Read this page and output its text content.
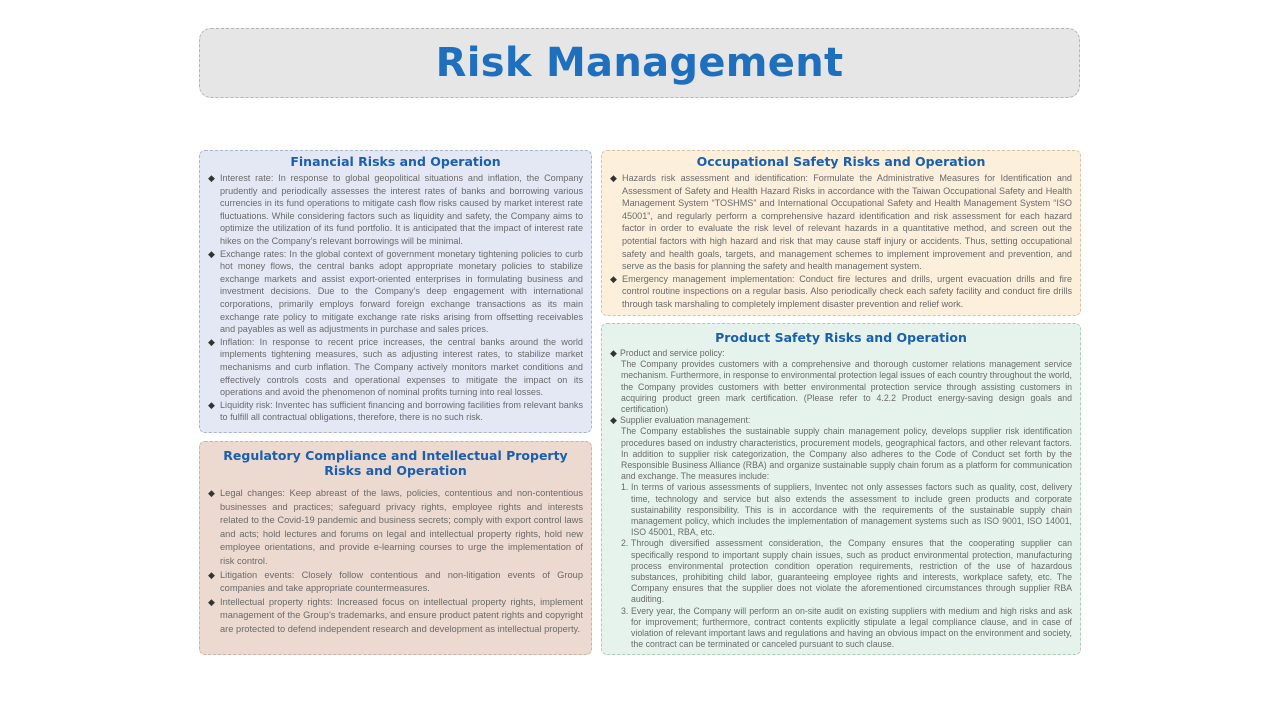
Risk Management
Financial Risks and Operation
◆ Interest rate: In response to global geopolitical situations and inflation, the Company prudently and periodically assesses the interest rates of banks and borrowing various currencies in its fund operations to mitigate cash flow risks caused by market interest rate fluctuations. While considering factors such as liquidity and safety, the Company aims to optimize the utilization of its fund portfolio. It is anticipated that the impact of interest rate hikes on the Company’s relevant borrowings will be minimal.
◆ Exchange rates: In the global context of government monetary tightening policies to curb hot money flows, the central banks adopt appropriate monetary policies to stabilize exchange markets and assist export-oriented enterprises in formulating business and investment decisions. Due to the Company’s deep engagement with international corporations, primarily employs forward foreign exchange transactions as its main exchange rate policy to mitigate exchange rate risks arising from offsetting receivables and payables as well as adjustments in purchase and sales prices.
◆ Inflation: In response to recent price increases, the central banks around the world implements tightening measures, such as adjusting interest rates, to stabilize market mechanisms and curb inflation. The Company actively monitors market conditions and effectively controls costs and operational expenses to mitigate the impact on its operations and avoid the phenomenon of nominal profits turning into real losses.
◆ Liquidity risk: Inventec has sufficient financing and borrowing facilities from relevant banks to fulfill all contractual obligations, therefore, there is no such risk.
Regulatory Compliance and Intellectual Property Risks and Operation
◆ Legal changes: Keep abreast of the laws, policies, contentious and non-contentious businesses and practices; safeguard privacy rights, employee rights and interests related to the Covid-19 pandemic and business secrets; comply with export control laws and acts; hold lectures and forums on legal and intellectual property rights, hold new employee orientations, and provide e-learning courses to urge the implementation of risk control.
◆ Litigation events: Closely follow contentious and non-litigation events of Group companies and take appropriate countermeasures.
◆ Intellectual property rights: Increased focus on intellectual property rights, implement management of the Group’s trademarks, and ensure product patent rights and copyright are protected to defend independent research and development as intellectual property.
Occupational Safety Risks and Operation
◆ Hazards risk assessment and identification: Formulate the Administrative Measures for Identification and Assessment of Safety and Health Hazard Risks in accordance with the Taiwan Occupational Safety and Health Management System “TOSHMS” and International Occupational Safety and Health Management System “ISO 45001”, and regularly perform a comprehensive hazard identification and risk assessment for each hazard factor in order to evaluate the risk level of relevant hazards in a quantitative method, and screen out the potential factors with high hazard and risk that may cause staff injury or accidents. Thus, setting occupational safety and health goals, targets, and management schemes to implement improvement and prevention, and serve as the basis for planning the safety and health management system.
◆ Emergency management implementation: Conduct fire lectures and drills, urgent evacuation drills and fire control routine inspections on a regular basis. Also periodically check each safety facility and conduct fire drills through task marshaling to completely implement disaster prevention and relief work.
Product Safety Risks and Operation
◆ Product and service policy:
The Company provides customers with a comprehensive and thorough customer relations management service mechanism. Furthermore, in response to environmental protection legal issues of each country throughout the world, the Company provides customers with better environmental protection service through assisting customers in acquiring product green mark certification. (Please refer to 4.2.2 Product energy-saving design goals and certification)
◆ Supplier evaluation management:
The Company establishes the sustainable supply chain management policy, develops supplier risk identification procedures based on industry characteristics, procurement models, geographical factors, and other relevant factors. In addition to supplier risk categorization, the Company also adheres to the Code of Conduct set forth by the Responsible Business Alliance (RBA) and organize sustainable supply chain forum as a platform for communication and exchange. The measures include:
1. In terms of various assessments of suppliers, Inventec not only assesses factors such as quality, cost, delivery time, technology and service but also extends the assessment to include green products and corporate sustainability responsibility. This is in accordance with the requirements of the sustainable supply chain management policy, which includes the implementation of management systems such as ISO 9001, ISO 14001, ISO 45001, RBA, etc.
2. Through diversified assessment consideration, the Company ensures that the cooperating supplier can specifically respond to important supply chain issues, such as product environmental protection, manufacturing process environmental protection condition operation requirements, restriction of the use of hazardous substances, prohibiting child labor, guaranteeing employee rights and interests, workplace safety, etc. The Company ensures that the supplier does not violate the aforementioned circumstances through supplier RBA auditing.
3. Every year, the Company will perform an on-site audit on existing suppliers with medium and high risks and ask for improvement; furthermore, contract contents explicitly stipulate a legal compliance clause, and in case of violation of relevant important laws and regulations and having an obvious impact on the environment and society, the contract can be terminated or canceled pursuant to such clause.
